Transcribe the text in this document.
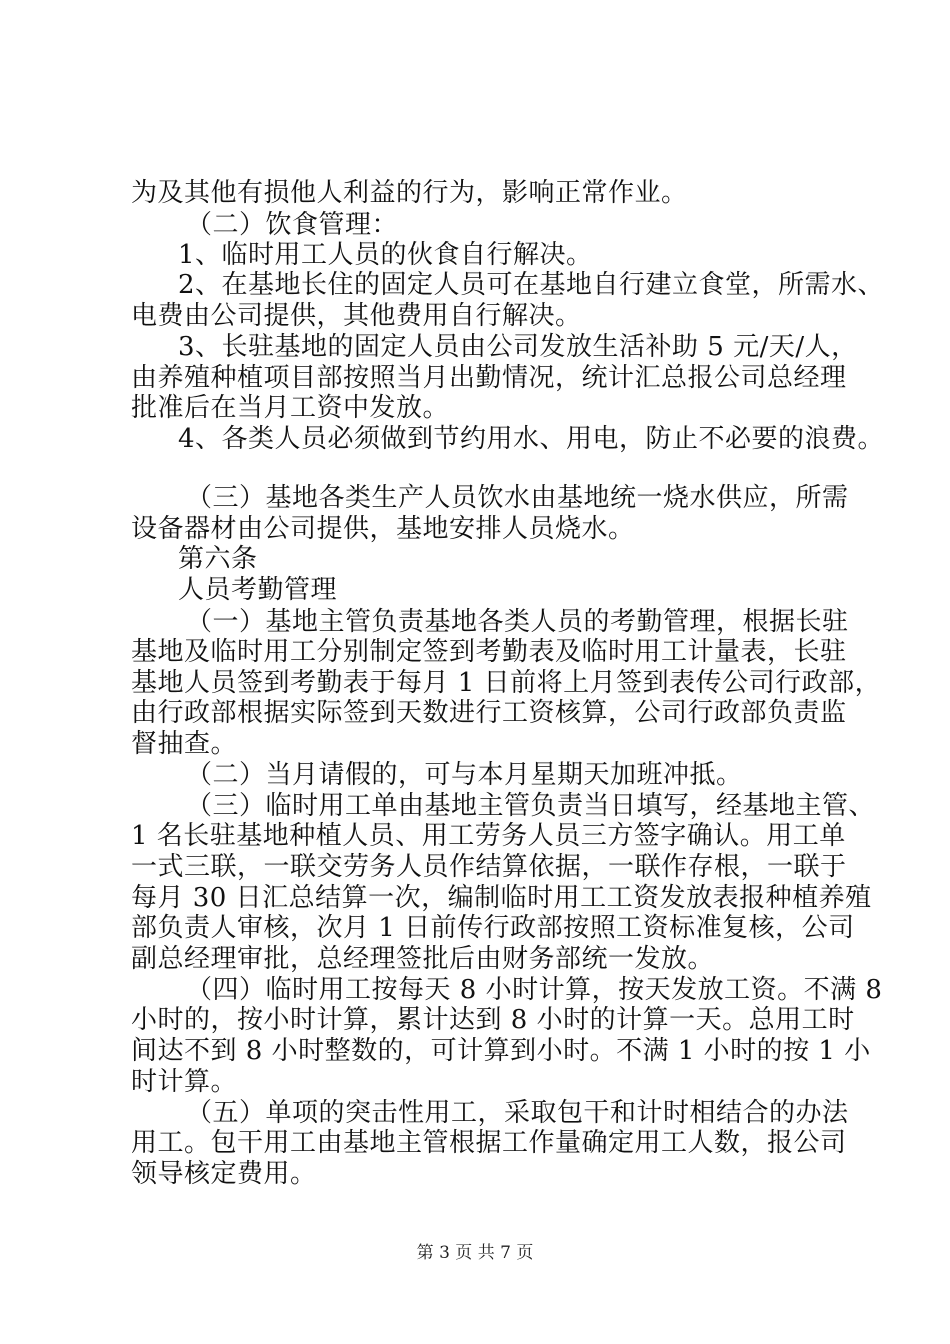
为及其他有损他人利益的行为，影响正常作业。
（二）饮食管理：
1、临时用工人员的伙食自行解决。
2、在基地长住的固定人员可在基地自行建立食堂，所需水、
电费由公司提供，其他费用自行解决。
3、长驻基地的固定人员由公司发放生活补助 5 元/天/人，
由养殖种植项目部按照当月出勤情况，统计汇总报公司总经理
批准后在当月工资中发放。
4、各类人员必须做到节约用水、用电，防止不必要的浪费。
（三）基地各类生产人员饮水由基地统一烧水供应，所需
设备器材由公司提供，基地安排人员烧水。
第六条
人员考勤管理
（一）基地主管负责基地各类人员的考勤管理，根据长驻
基地及临时用工分别制定签到考勤表及临时用工计量表，长驻
基地人员签到考勤表于每月 1 日前将上月签到表传公司行政部，
由行政部根据实际签到天数进行工资核算，公司行政部负责监
督抽查。
（二）当月请假的，可与本月星期天加班冲抵。
（三）临时用工单由基地主管负责当日填写，经基地主管、
1 名长驻基地种植人员、用工劳务人员三方签字确认。用工单
一式三联，一联交劳务人员作结算依据，一联作存根，一联于
每月 30 日汇总结算一次，编制临时用工工资发放表报种植养殖
部负责人审核，次月 1 日前传行政部按照工资标准复核，公司
副总经理审批，总经理签批后由财务部统一发放。
（四）临时用工按每天 8 小时计算，按天发放工资。不满 8
小时的，按小时计算，累计达到 8 小时的计算一天。总用工时
间达不到 8 小时整数的，可计算到小时。不满 1 小时的按 1 小
时计算。
（五）单项的突击性用工，采取包干和计时相结合的办法
用工。包干用工由基地主管根据工作量确定用工人数，报公司
领导核定费用。
第 3 页 共 7 页
